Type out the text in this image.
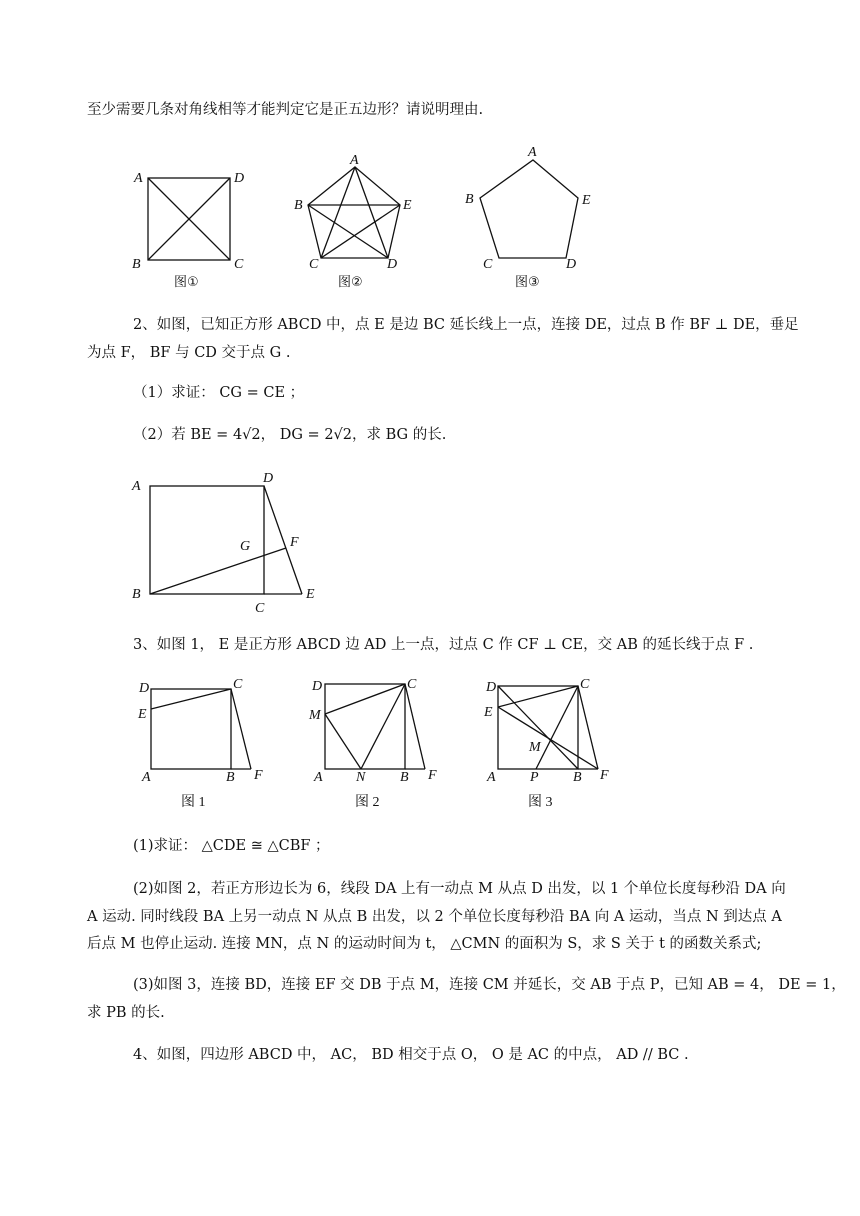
至少需要几条对角线相等才能判定它是正五边形？请说明理由.
A	D
B	C
图①
A
B	E
C	D
图②
A
B	E
C	D
图③
A
D
G	F
B
C
E
D	C
E
A	B F
图 1
D	C
M
A N B F
图 2
D	C
E
M
A P B F
图 3
2、如图，已知正方形 ABCD 中，点 E 是边 BC 延长线上一点，连接 DE，过点 B 作 BF ⊥ DE，垂足
为点 F， BF 与 CD 交于点 G .
（1）求证： CG = CE ；
（2）若 BE = 4√2， DG = 2√2，求 BG 的长.
3、如图 1， E 是正方形 ABCD 边 AD 上一点，过点 C 作 CF ⊥ CE，交 AB 的延长线于点 F .
(1)求证： △CDE ≅ △CBF ；
(2)如图 2，若正方形边长为 6，线段 DA 上有一动点 M 从点 D 出发，以 1 个单位长度每秒沿 DA 向
A 运动. 同时线段 BA 上另一动点 N 从点 B 出发，以 2 个单位长度每秒沿 BA 向 A 运动，当点 N 到达点 A
后点 M 也停止运动. 连接 MN，点 N 的运动时间为 t， △CMN 的面积为 S，求 S 关于 t 的函数关系式;
(3)如图 3，连接 BD，连接 EF 交 DB 于点 M，连接 CM 并延长，交 AB 于点 P，已知 AB = 4， DE = 1，
求 PB 的长.
4、如图，四边形 ABCD 中， AC， BD 相交于点 O， O 是 AC 的中点， AD // BC .
